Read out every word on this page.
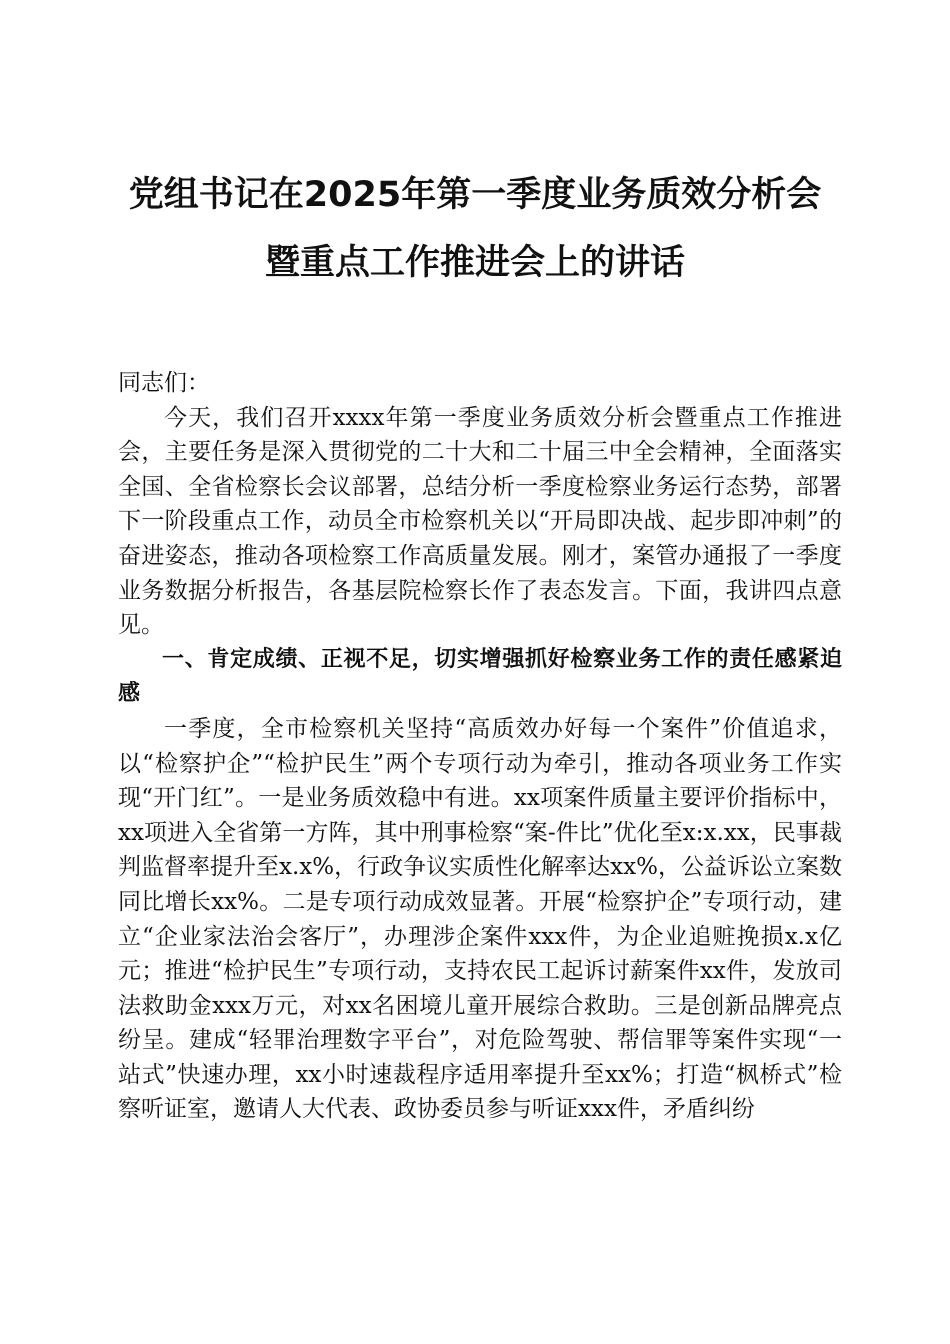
党组书记在2025年第一季度业务质效分析会
暨重点工作推进会上的讲话

同志们：

今天，我们召开xxxx年第一季度业务质效分析会暨重点工作推进会，主要任务是深入贯彻党的二十大和二十届三中全会精神，全面落实全国、全省检察长会议部署，总结分析一季度检察业务运行态势，部署下一阶段重点工作，动员全市检察机关以“开局即决战、起步即冲刺”的奋进姿态，推动各项检察工作高质量发展。刚才，案管办通报了一季度业务数据分析报告，各基层院检察长作了表态发言。下面，我讲四点意见。

一、肯定成绩、正视不足，切实增强抓好检察业务工作的责任感紧迫感

一季度，全市检察机关坚持“高质效办好每一个案件”价值追求，以“检察护企”“检护民生”两个专项行动为牵引，推动各项业务工作实现“开门红”。一是业务质效稳中有进。xx项案件质量主要评价指标中，xx项进入全省第一方阵，其中刑事检察“案-件比”优化至x:x.xx，民事裁判监督率提升至x.x%，行政争议实质性化解率达xx%，公益诉讼立案数同比增长xx%。二是专项行动成效显著。开展“检察护企”专项行动，建立“企业家法治会客厅”，办理涉企案件xxx件，为企业追赃挽损x.x亿元；推进“检护民生”专项行动，支持农民工起诉讨薪案件xx件，发放司法救助金xxx万元，对xx名困境儿童开展综合救助。三是创新品牌亮点纷呈。建成“轻罪治理数字平台”，对危险驾驶、帮信罪等案件实现“一站式”快速办理，xx小时速裁程序适用率提升至xx%；打造“枫桥式”检察听证室，邀请人大代表、政协委员参与听证xxx件，矛盾纠纷
